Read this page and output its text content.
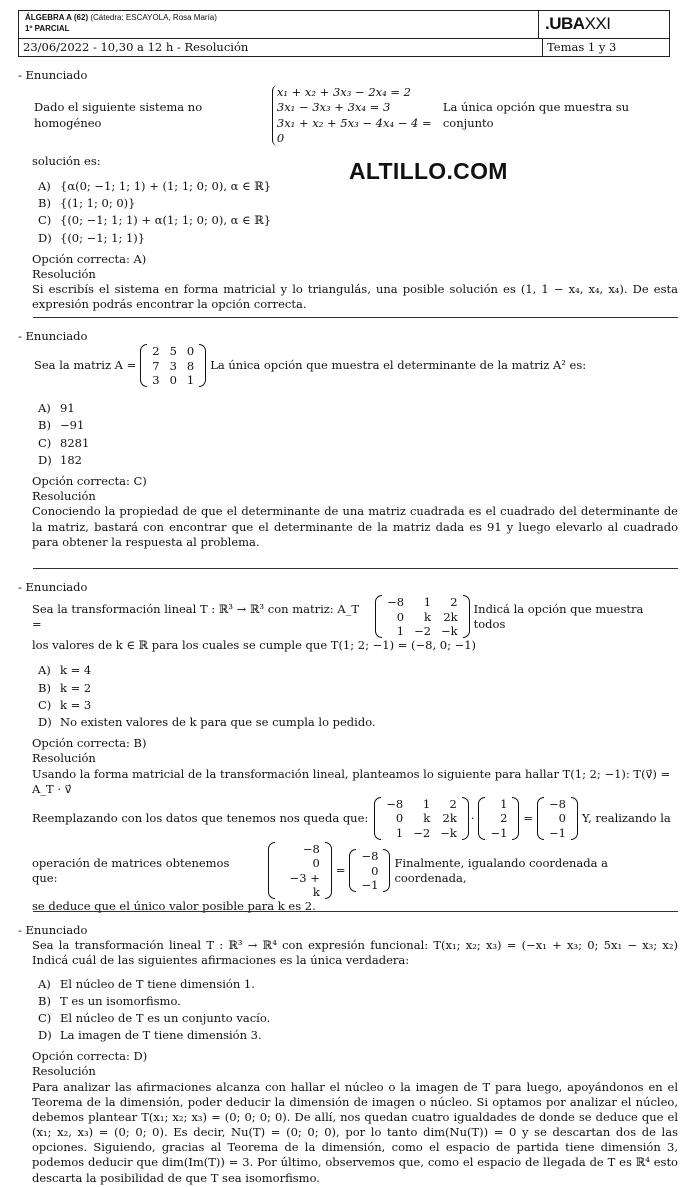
ÁLGEBRA A (62) (Cátedra: ESCAYOLA, Rosa María)
1º PARCIAL	.UBA XXI
23/06/2022 - 10,30 a 12 h - Resolución	Temas 1 y 3
ALTILLO.COM
- Enunciado
Dado el siguiente sistema no homogéneo
x₁ + x₂ + 3x₃ − 2x₄ = 2
3x₁ − 3x₃ + 3x₄ = 3
3x₁ + x₂ + 5x₃ − 4x₄ − 4 = 0
La única opción que muestra su conjunto
solución es:
A) {α(0; −1; 1; 1) + (1; 1; 0; 0), α ∈ ℝ}
B) {(1; 1; 0; 0)}
C) {(0; −1; 1; 1) + α(1; 1; 0; 0), α ∈ ℝ}
D) {(0; −1; 1; 1)}
Opción correcta: A)
Resolución
Si escribís el sistema en forma matricial y lo triangulás, una posible solución es (1, 1 − x₄, x₄, x₄). De esta expresión podrás encontrar la opción correcta.
- Enunciado
Sea la matriz A =
2	5	0
7	3	8
3	0	1
La única opción que muestra el determinante de la matriz A² es:
A) 91
B) −91
C) 8281
D) 182
Opción correcta: C)
Resolución
Conociendo la propiedad de que el determinante de una matriz cuadrada es el cuadrado del determinante de la matriz, bastará con encontrar que el determinante de la matriz dada es 91 y luego elevarlo al cuadrado para obtener la respuesta al problema.
- Enunciado
Sea la transformación lineal T : ℝ³ → ℝ³ con matriz: A_T =
−8	1	2
0	k	2k
1	−2	−k
Indicá la opción que muestra todos
los valores de k ∈ ℝ para los cuales se cumple que T(1; 2; −1) = (−8, 0; −1)
A) k = 4
B) k = 2
C) k = 3
D) No existen valores de k para que se cumpla lo pedido.
Opción correcta: B)
Resolución
Usando la forma matricial de la transformación lineal, planteamos lo siguiente para hallar T(1; 2; −1): T(v⃗) = A_T · v⃗
Reemplazando con los datos que tenemos nos queda que:
−8	1	2
0	k	2k
1	−2	−k
·
1
2
−1
=
−8
0
−1
Y, realizando la
operación de matrices obtenemos que:
−8
0
−3 + k
=
−8
0
−1
Finalmente, igualando coordenada a coordenada,
se deduce que el único valor posible para k es 2.
- Enunciado
Sea la transformación lineal T : ℝ³ → ℝ⁴ con expresión funcional: T(x₁; x₂; x₃) = (−x₁ + x₃; 0; 5x₁ − x₃; x₂) Indicá cuál de las siguientes afirmaciones es la única verdadera:
A) El núcleo de T tiene dimensión 1.
B) T es un isomorfismo.
C) El núcleo de T es un conjunto vacío.
D) La imagen de T tiene dimensión 3.
Opción correcta: D)
Resolución
Para analizar las afirmaciones alcanza con hallar el núcleo o la imagen de T para luego, apoyándonos en el Teorema de la dimensión, poder deducir la dimensión de imagen o núcleo. Si optamos por analizar el núcleo, debemos plantear T(x₁; x₂; x₃) = (0; 0; 0; 0). De allí, nos quedan cuatro igualdades de donde se deduce que el (x₁; x₂, x₃) = (0; 0; 0). Es decir, Nu(T) = (0; 0; 0), por lo tanto dim(Nu(T)) = 0 y se descartan dos de las opciones. Siguiendo, gracias al Teorema de la dimensión, como el espacio de partida tiene dimensión 3, podemos deducir que dim(Im(T)) = 3. Por último, observemos que, como el espacio de llegada de T es ℝ⁴ esto descarta la posibilidad de que T sea isomorfismo.
